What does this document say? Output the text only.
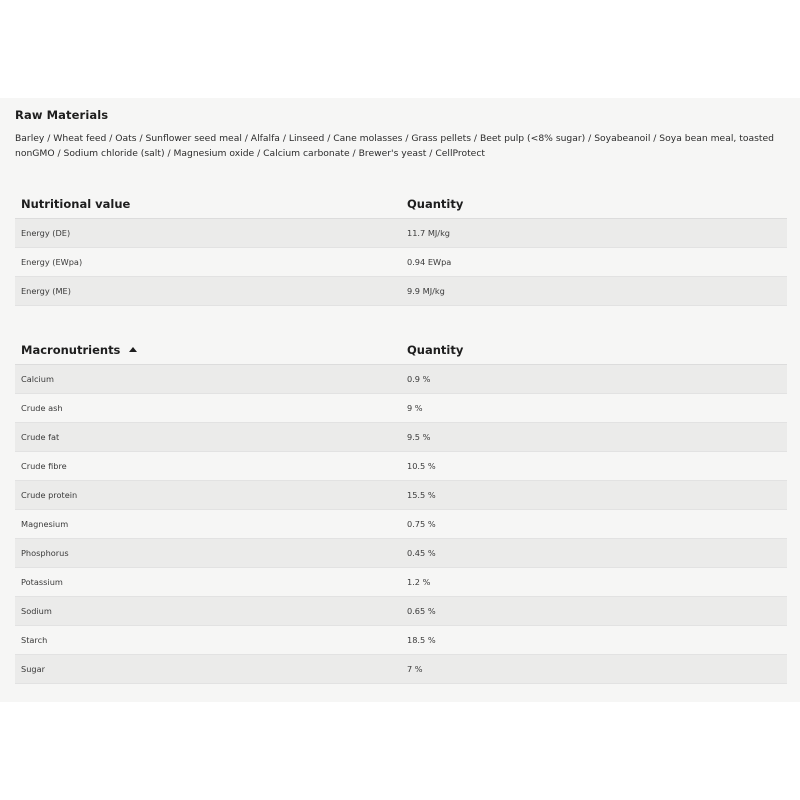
Raw Materials

Barley / Wheat feed / Oats / Sunflower seed meal / Alfalfa / Linseed / Cane molasses / Grass pellets / Beet pulp (<8% sugar) / Soyabeanoil / Soya bean meal, toasted nonGMO / Sodium chloride (salt) / Magnesium oxide / Calcium carbonate / Brewer's yeast / CellProtect

Nutritional value	Quantity
Energy (DE)	11.7 MJ/kg
Energy (EWpa)	0.94 EWpa
Energy (ME)	9.9 MJ/kg
Macronutrients	Quantity
Calcium	0.9 %
Crude ash	9 %
Crude fat	9.5 %
Crude fibre	10.5 %
Crude protein	15.5 %
Magnesium	0.75 %
Phosphorus	0.45 %
Potassium	1.2 %
Sodium	0.65 %
Starch	18.5 %
Sugar	7 %
